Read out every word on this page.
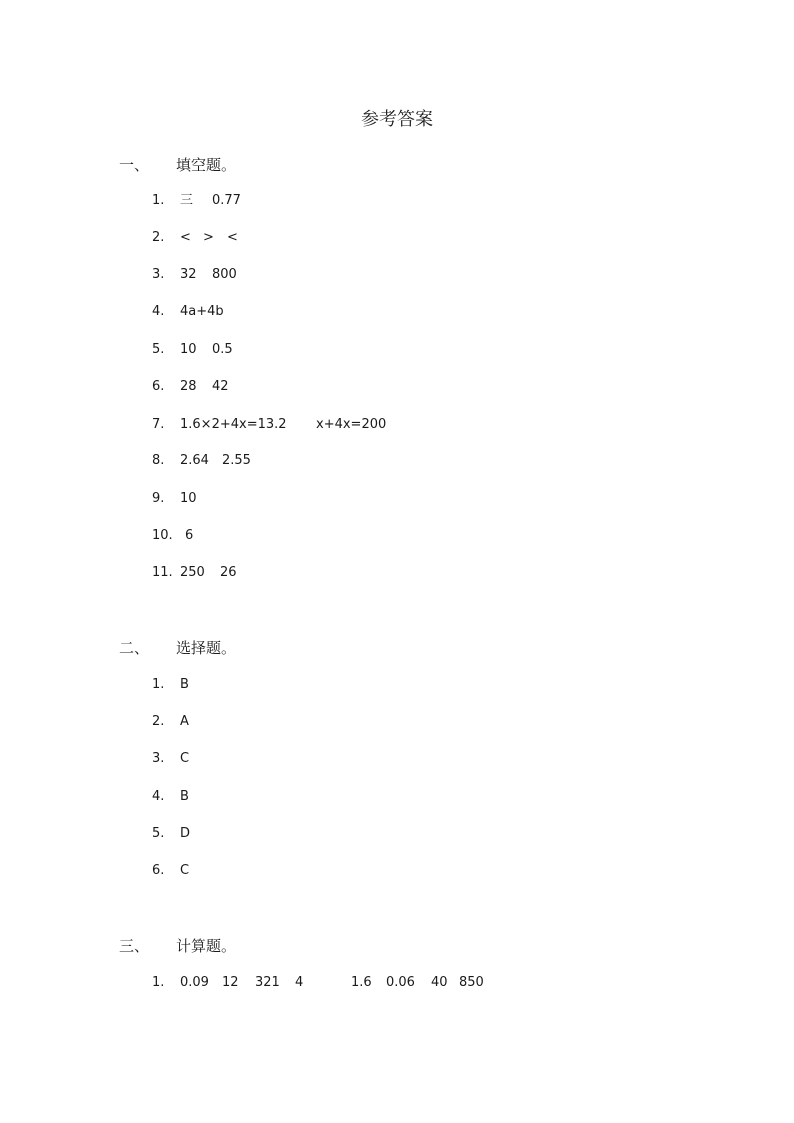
参考答案
一、 填空题。
1. 三 0.77
2. < > <
3. 32 800
4. 4a+4b
5. 10 0.5
6. 28 42
7. 1.6×2+4x=13.2 x+4x=200
8. 2.64 2.55
9. 10
10. 6
11. 250 26
二、 选择题。
1. B
2. A
3. C
4. B
5. D
6. C
三、 计算题。
1. 0.09 12 321 4	1.6 0.06 40 850
